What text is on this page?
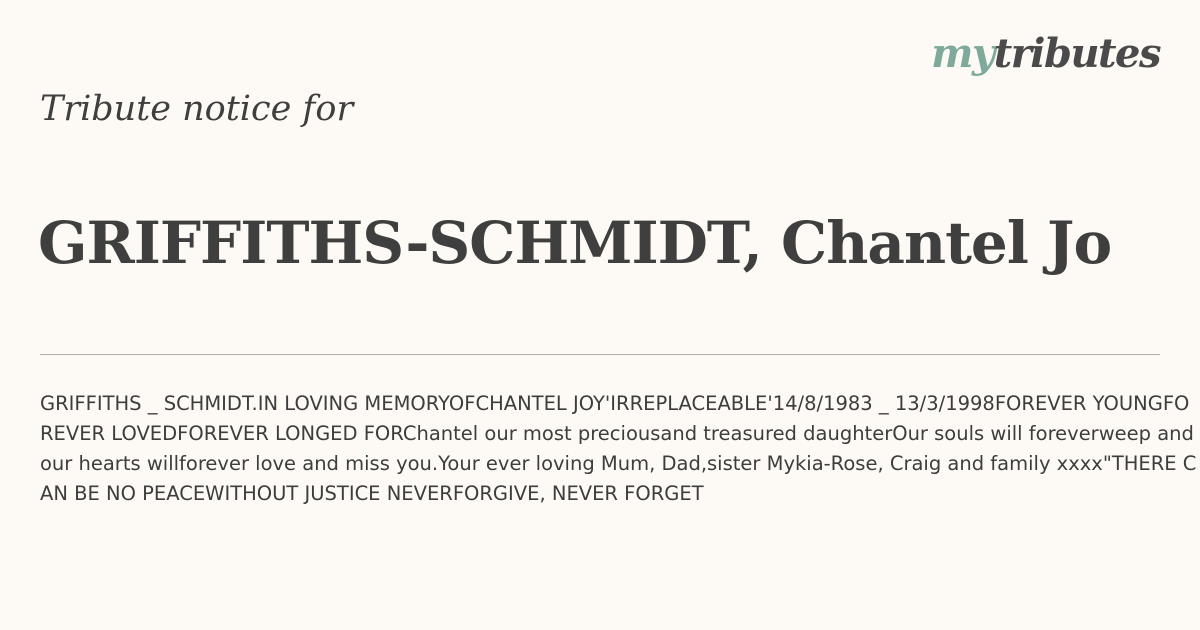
mytributes
Tribute notice for
GRIFFITHS-SCHMIDT, Chantel Jo
GRIFFITHS _ SCHMIDT.IN LOVING MEMORYOFCHANTEL JOY'IRREPLACEABLE'14/8/1983 _ 13/3/1998FOREVER YOUNGFOREVER LOVEDFOREVER LONGED FORChantel our most preciousand treasured daughterOur souls will foreverweep and our hearts willforever love and miss you.Your ever loving Mum, Dad,sister Mykia-Rose, Craig and family xxxx"THERE CAN BE NO PEACEWITHOUT JUSTICE NEVERFORGIVE, NEVER FORGET
